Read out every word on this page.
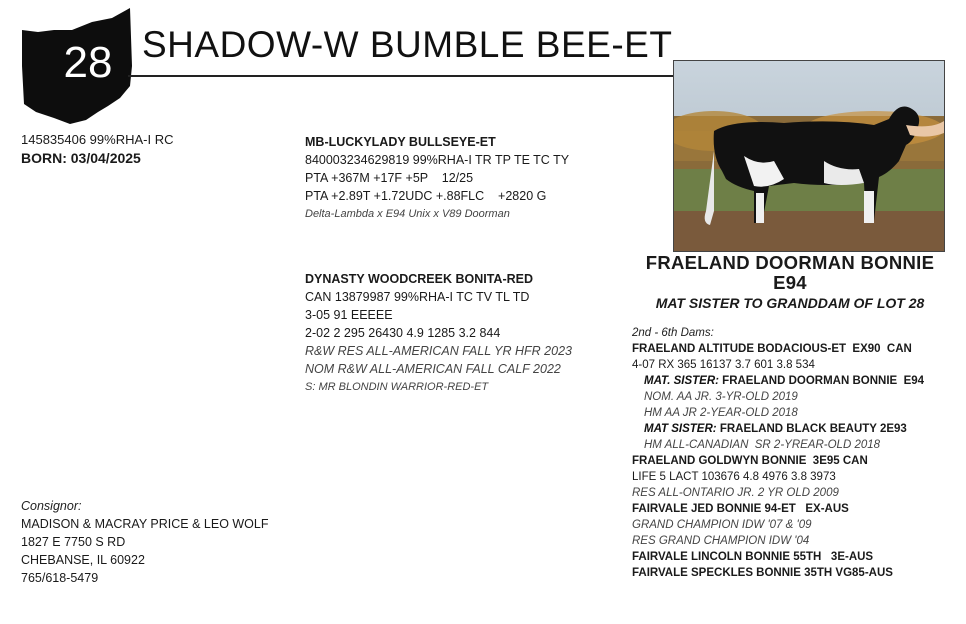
28 SHADOW-W BUMBLE BEE-ET
FRAELAND DOORMAN BONNIE
E94
MAT SISTER TO GRANDDAM OF LOT 28
145835406 99%RHA-I RC
BORN: 03/04/2025
MB-LUCKYLADY BULLSEYE-ET
840003234629819 99%RHA-I TR TP TE TC TY
PTA +367M +17F +5P    12/25
PTA +2.89T +1.72UDC +.88FLC    +2820 G
Delta-Lambda x E94 Unix x V89 Doorman
DYNASTY WOODCREEK BONITA-RED
CAN 13879987 99%RHA-I TC TV TL TD
3-05 91 EEEEE
2-02 2 295 26430 4.9 1285 3.2 844
R&W RES ALL-AMERICAN FALL YR HFR 2023
NOM R&W ALL-AMERICAN FALL CALF 2022
S: MR BLONDIN WARRIOR-RED-ET
Consignor:
MADISON & MACRAY PRICE & LEO WOLF
1827 E 7750 S RD
CHEBANSE, IL 60922
765/618-5479
2nd - 6th Dams:
FRAELAND ALTITUDE BODACIOUS-ET  EX90  CAN
4-07 RX 365 16137 3.7 601 3.8 534
MAT. SISTER: FRAELAND DOORMAN BONNIE  E94
NOM. AA JR. 3-YR-OLD 2019
HM AA JR 2-YEAR-OLD 2018
MAT SISTER: FRAELAND BLACK BEAUTY 2E93
HM ALL-CANADIAN  SR 2-YREAR-OLD 2018
FRAELAND GOLDWYN BONNIE  3E95 CAN
LIFE 5 LACT 103676 4.8 4976 3.8 3973
RES ALL-ONTARIO JR. 2 YR OLD 2009
FAIRVALE JED BONNIE 94-ET   EX-AUS
GRAND CHAMPION IDW '07 & '09
RES GRAND CHAMPION IDW '04
FAIRVALE LINCOLN BONNIE 55TH   3E-AUS
FAIRVALE SPECKLES BONNIE 35TH VG85-AUS
